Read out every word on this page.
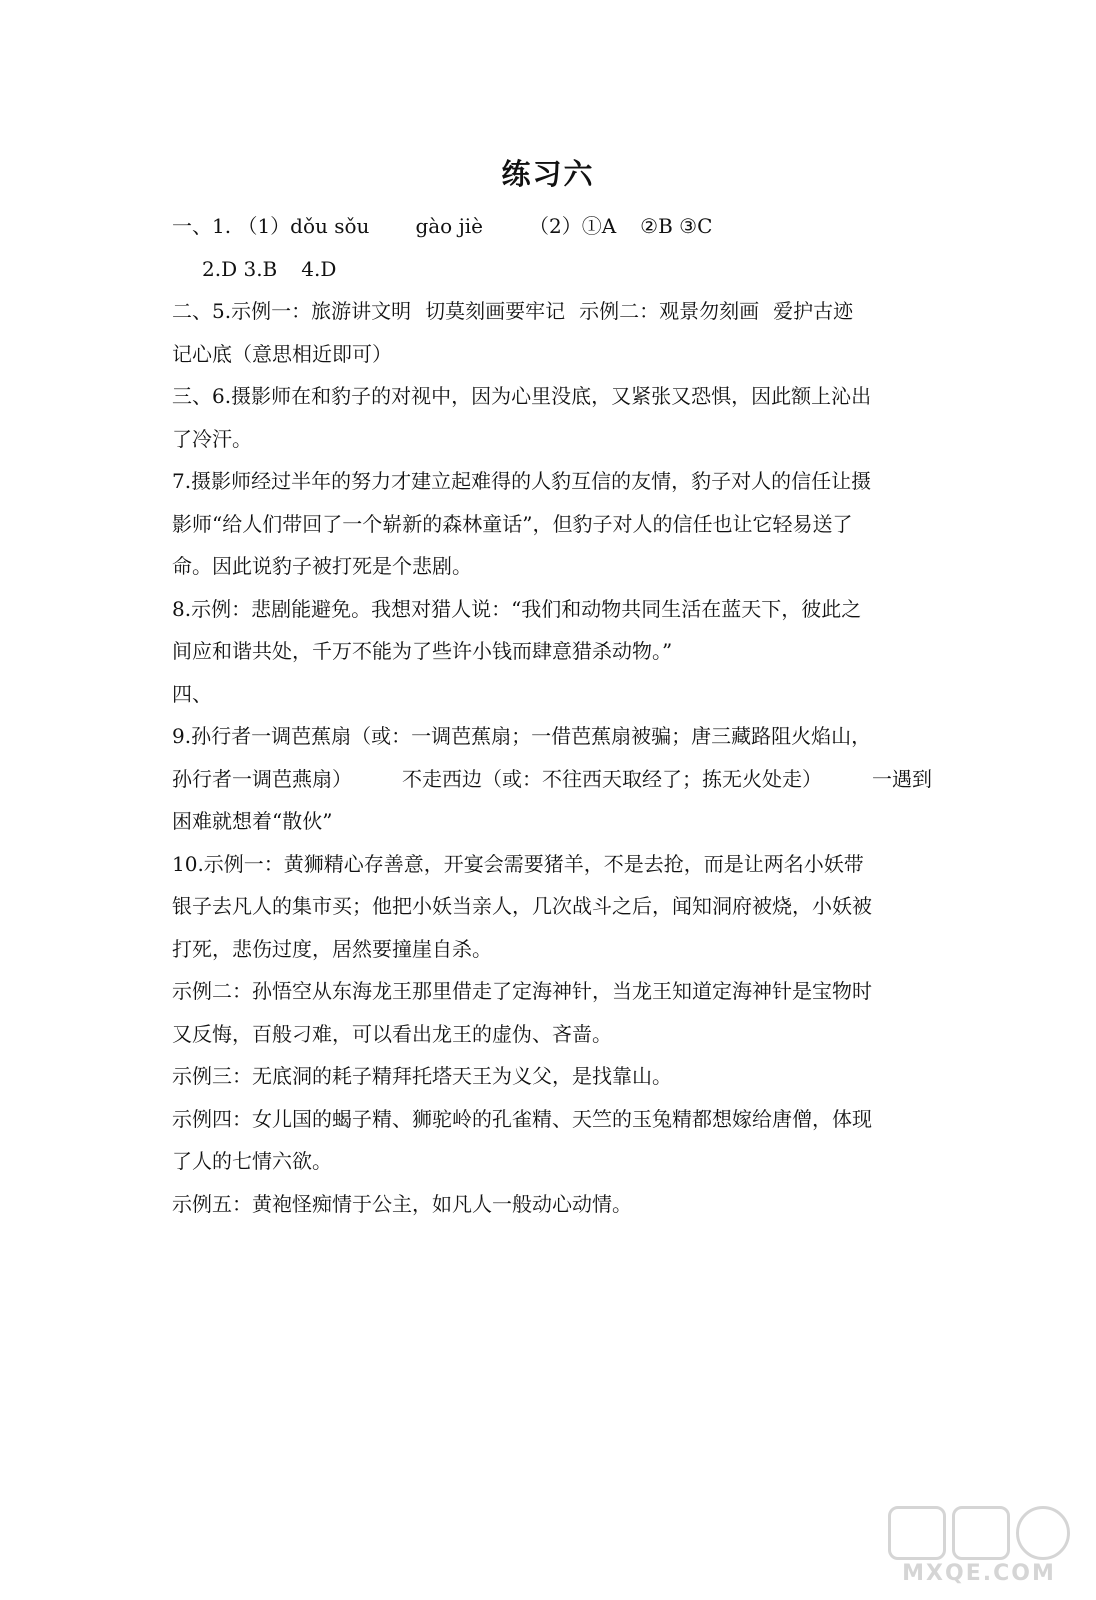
练习六
一、1. （1）dǒu sǒu gào jiè （2）①A ②B ③C
2.D 3.B 4.D
二、5.示例一：旅游讲文明 切莫刻画要牢记 示例二：观景勿刻画 爱护古迹
记心底（意思相近即可）
三、6.摄影师在和豹子的对视中，因为心里没底，又紧张又恐惧，因此额上沁出
了冷汗。
7.摄影师经过半年的努力才建立起难得的人豹互信的友情，豹子对人的信任让摄
影师“给人们带回了一个崭新的森林童话”，但豹子对人的信任也让它轻易送了
命。因此说豹子被打死是个悲剧。
8.示例：悲剧能避免。我想对猎人说：“我们和动物共同生活在蓝天下，彼此之
间应和谐共处，千万不能为了些许小钱而肆意猎杀动物。”
四、
9.孙行者一调芭蕉扇（或：一调芭蕉扇；一借芭蕉扇被骗；唐三藏路阻火焰山，
孙行者一调芭燕扇）	不走西边（或：不往西天取经了；拣无火处走）	一遇到
困难就想着“散伙”
10.示例一：黄狮精心存善意，开宴会需要猪羊，不是去抢，而是让两名小妖带
银子去凡人的集市买；他把小妖当亲人，几次战斗之后，闻知洞府被烧，小妖被
打死，悲伤过度，居然要撞崖自杀。
示例二：孙悟空从东海龙王那里借走了定海神针，当龙王知道定海神针是宝物时
又反悔，百般刁难，可以看出龙王的虚伪、吝啬。
示例三：无底洞的耗子精拜托塔天王为义父，是找靠山。
示例四：女儿国的蝎子精、狮驼岭的孔雀精、天竺的玉兔精都想嫁给唐僧，体现
了人的七情六欲。
示例五：黄袍怪痴情于公主，如凡人一般动心动情。
MXQE.COM
